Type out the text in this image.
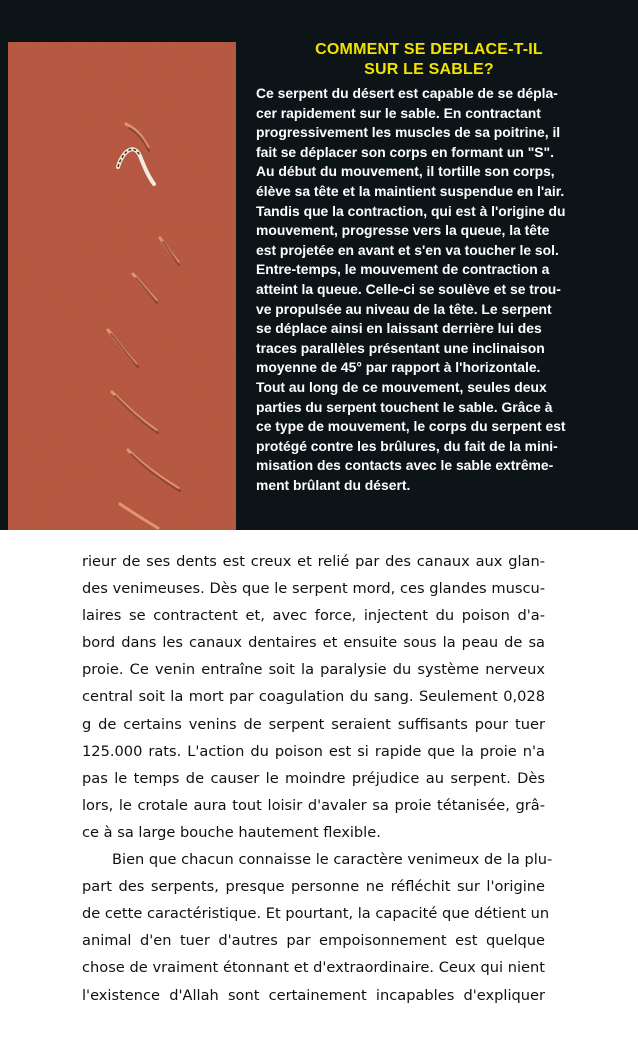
COMMENT SE DEPLACE-T-IL
SUR LE SABLE?
Ce serpent du désert est capable de se dépla-
cer rapidement sur le sable. En contractant
progressivement les muscles de sa poitrine, il
fait se déplacer son corps en formant un "S".
Au début du mouvement, il tortille son corps,
élève sa tête et la maintient suspendue en l'air.
Tandis que la contraction, qui est à l'origine du
mouvement, progresse vers la queue, la tête
est projetée en avant et s'en va toucher le sol.
Entre-temps, le mouvement de contraction a
atteint la queue. Celle-ci se soulève et se trou-
ve propulsée au niveau de la tête. Le serpent
se déplace ainsi en laissant derrière lui des
traces parallèles présentant une inclinaison
moyenne de 45° par rapport à l'horizontale.
Tout au long de ce mouvement, seules deux
parties du serpent touchent le sable. Grâce à
ce type de mouvement, le corps du serpent est
protégé contre les brûlures, du fait de la mini-
misation des contacts avec le sable extrême-
ment brûlant du désert.
rieur de ses dents est creux et relié par des canaux aux glan-
des venimeuses. Dès que le serpent mord, ces glandes muscu-
laires se contractent et, avec force, injectent du poison d'a-
bord dans les canaux dentaires et ensuite sous la peau de sa
proie. Ce venin entraîne soit la paralysie du système nerveux
central soit la mort par coagulation du sang. Seulement 0,028
g de certains venins de serpent seraient suffisants pour tuer
125.000 rats. L'action du poison est si rapide que la proie n'a
pas le temps de causer le moindre préjudice au serpent. Dès
lors, le crotale aura tout loisir d'avaler sa proie tétanisée, grâ-
ce à sa large bouche hautement flexible.
Bien que chacun connaisse le caractère venimeux de la plu-
part des serpents, presque personne ne réfléchit sur l'origine
de cette caractéristique. Et pourtant, la capacité que détient un
animal d'en tuer d'autres par empoisonnement est quelque
chose de vraiment étonnant et d'extraordinaire. Ceux qui nient
l'existence d'Allah sont certainement incapables d'expliquer
